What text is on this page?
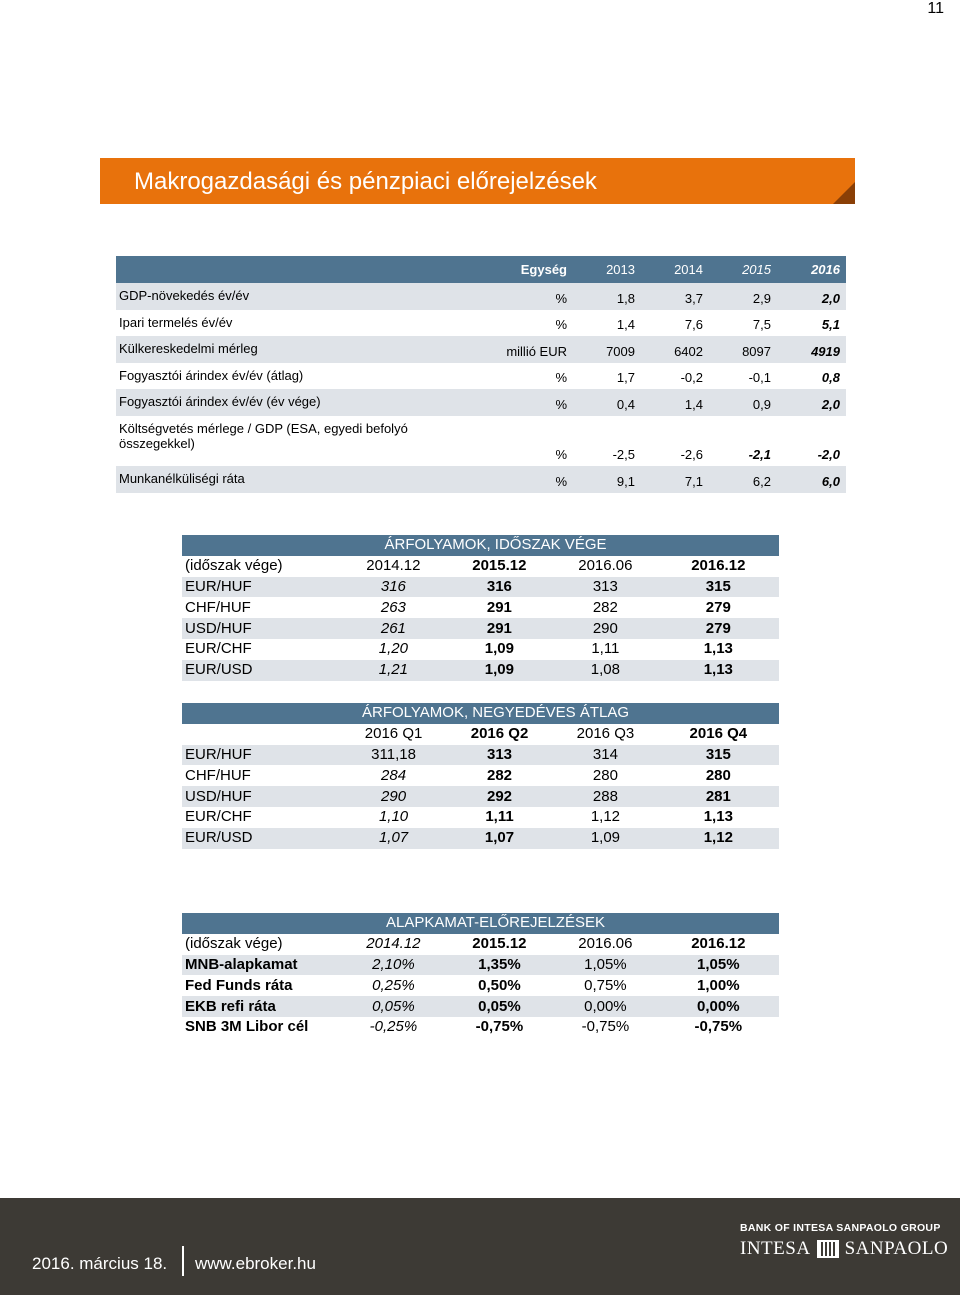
11
Makrogazdasági és pénzpiaci előrejelzések
	Egység	2013	2014	2015	2016
GDP-növekedés év/év	%	1,8	3,7	2,9	2,0
Ipari termelés év/év	%	1,4	7,6	7,5	5,1
Külkereskedelmi mérleg	millió EUR	7009	6402	8097	4919
Fogyasztói árindex év/év (átlag)	%	1,7	-0,2	-0,1	0,8
Fogyasztói árindex év/év (év vége)	%	0,4	1,4	0,9	2,0
Költségvetés mérlege / GDP (ESA, egyedi befolyó összegekkel)	%	-2,5	-2,6	-2,1	-2,0
Munkanélküliségi ráta	%	9,1	7,1	6,2	6,0
ÁRFOLYAMOK, IDŐSZAK VÉGE				
(időszak vége)	2014.12	2015.12	2016.06	2016.12
EUR/HUF	316	316	313	315
CHF/HUF	263	291	282	279
USD/HUF	261	291	290	279
EUR/CHF	1,20	1,09	1,11	1,13
EUR/USD	1,21	1,09	1,08	1,13
ÁRFOLYAMOK, NEGYEDÉVES ÁTLAG				
	2016 Q1	2016 Q2	2016 Q3	2016 Q4
EUR/HUF	311,18	313	314	315
CHF/HUF	284	282	280	280
USD/HUF	290	292	288	281
EUR/CHF	1,10	1,11	1,12	1,13
EUR/USD	1,07	1,07	1,09	1,12
ALAPKAMAT-ELŐREJELZÉSEK				
(időszak vége)	2014.12	2015.12	2016.06	2016.12
MNB-alapkamat	2,10%	1,35%	1,05%	1,05%
Fed Funds ráta	0,25%	0,50%	0,75%	1,00%
EKB refi ráta	0,05%	0,05%	0,00%	0,00%
SNB 3M Libor cél	-0,25%	-0,75%	-0,75%	-0,75%
2016. március 18. www.ebroker.hu
BANK OF INTESA SANPAOLO GROUP
INTESA SANPAOLO
